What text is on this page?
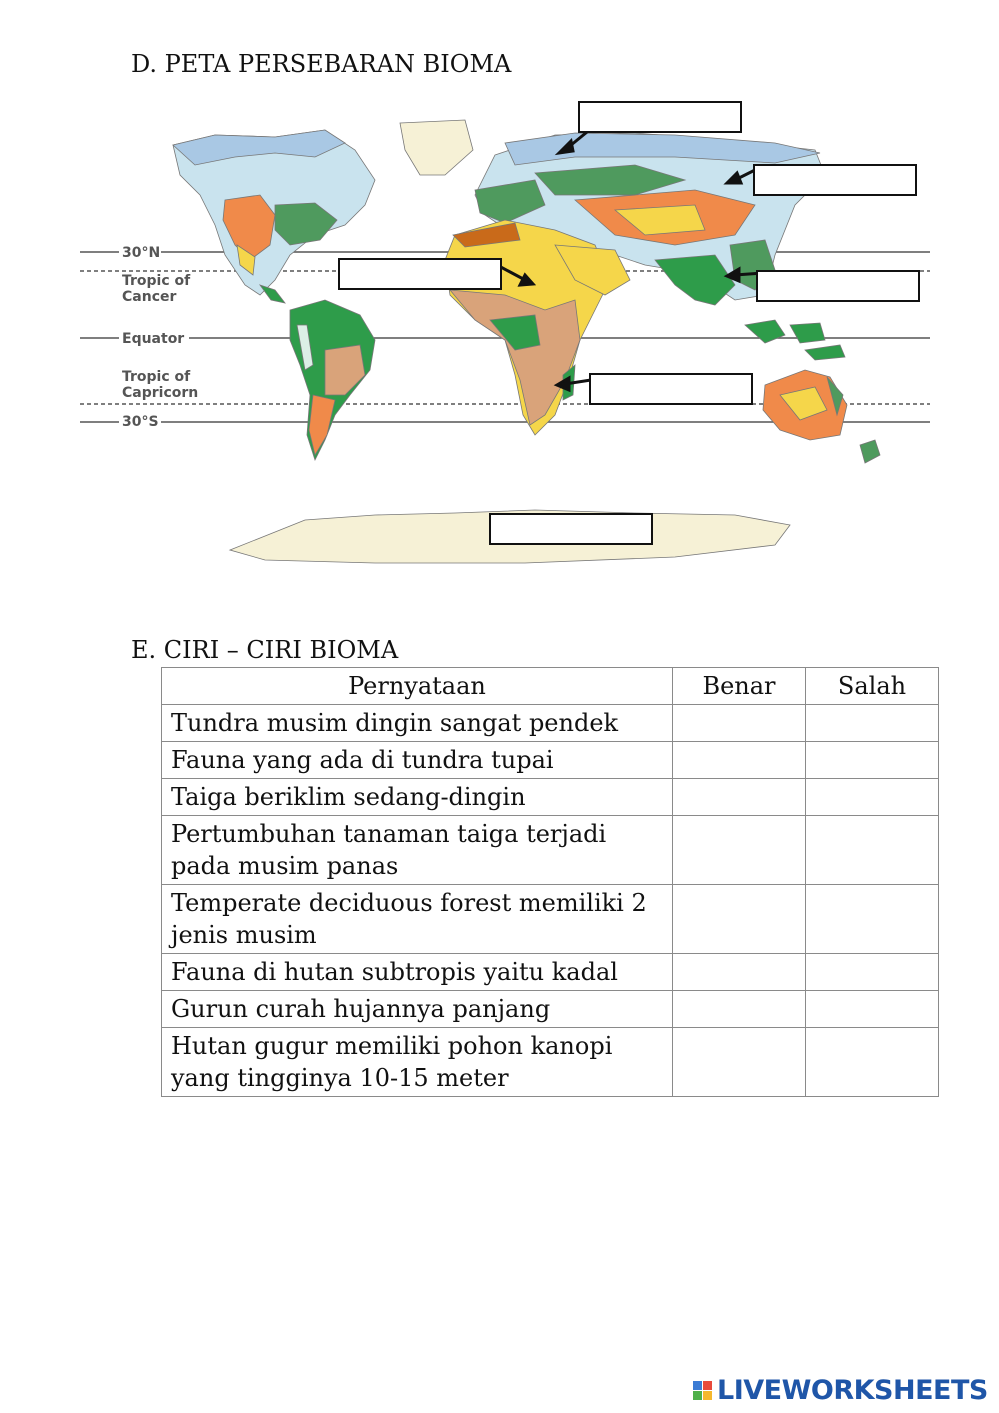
D. PETA PERSEBARAN BIOMA
30°N
Tropic of
Cancer
Equator
Tropic of
Capricorn
30°S
E. CIRI – CIRI BIOMA
Pernyataan	Benar	Salah
Tundra musim dingin sangat pendek		
Fauna yang ada di tundra tupai		
Taiga beriklim sedang-dingin		
Pertumbuhan tanaman taiga terjadi pada musim panas		
Temperate deciduous forest memiliki 2 jenis musim		
Fauna di hutan subtropis yaitu kadal		
Gurun curah hujannya panjang		
Hutan gugur memiliki pohon kanopi yang tingginya 10-15 meter		
LIVEWORKSHEETS
